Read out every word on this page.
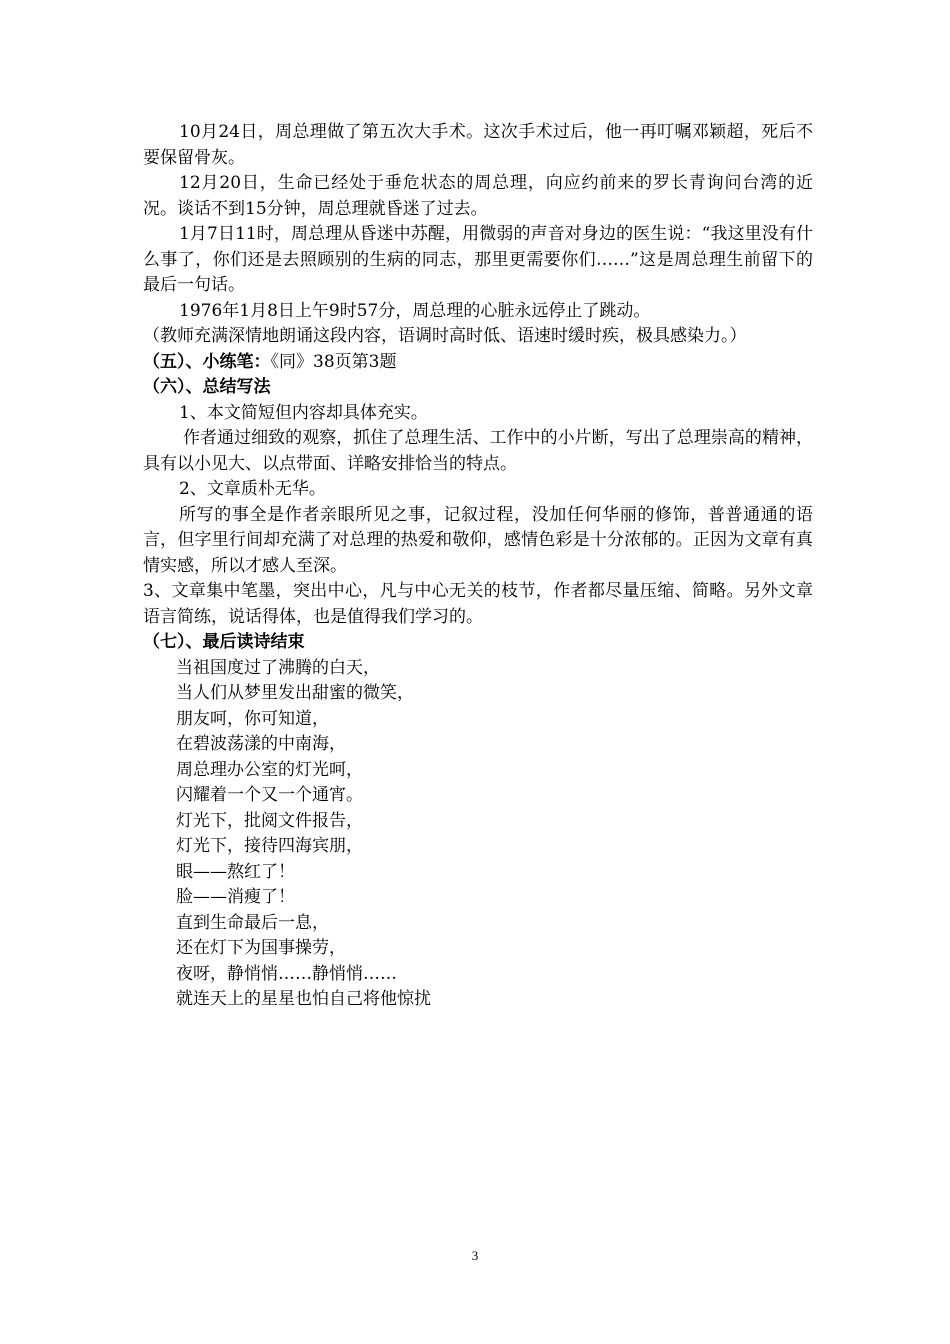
10月24日，周总理做了第五次大手术。这次手术过后，他一再叮嘱邓颖超，死后不要保留骨灰。

12月20日，生命已经处于垂危状态的周总理，向应约前来的罗长青询问台湾的近况。谈话不到15分钟，周总理就昏迷了过去。

1月7日11时，周总理从昏迷中苏醒，用微弱的声音对身边的医生说：“我这里没有什么事了，你们还是去照顾别的生病的同志，那里更需要你们……”这是周总理生前留下的最后一句话。

1976年1月8日上午9时57分，周总理的心脏永远停止了跳动。

（教师充满深情地朗诵这段内容，语调时高时低、语速时缓时疾，极具感染力。）

（五）、小练笔：《同》38页第3题

（六）、总结写法

1、本文简短但内容却具体充实。

作者通过细致的观察，抓住了总理生活、工作中的小片断，写出了总理崇高的精神，具有以小见大、以点带面、详略安排恰当的特点。

2、文章质朴无华。

所写的事全是作者亲眼所见之事，记叙过程，没加任何华丽的修饰，普普通通的语言，但字里行间却充满了对总理的热爱和敬仰，感情色彩是十分浓郁的。正因为文章有真情实感，所以才感人至深。

3、文章集中笔墨，突出中心，凡与中心无关的枝节，作者都尽量压缩、简略。另外文章语言简练，说话得体，也是值得我们学习的。

（七）、最后读诗结束

当祖国度过了沸腾的白天，
当人们从梦里发出甜蜜的微笑，
朋友呵，你可知道，
在碧波荡漾的中南海，
周总理办公室的灯光呵，
闪耀着一个又一个通宵。
灯光下，批阅文件报告，
灯光下，接待四海宾朋，
眼——熬红了！
脸——消瘦了！
直到生命最后一息，
还在灯下为国事操劳，
夜呀，静悄悄……静悄悄……
就连天上的星星也怕自己将他惊扰
3
